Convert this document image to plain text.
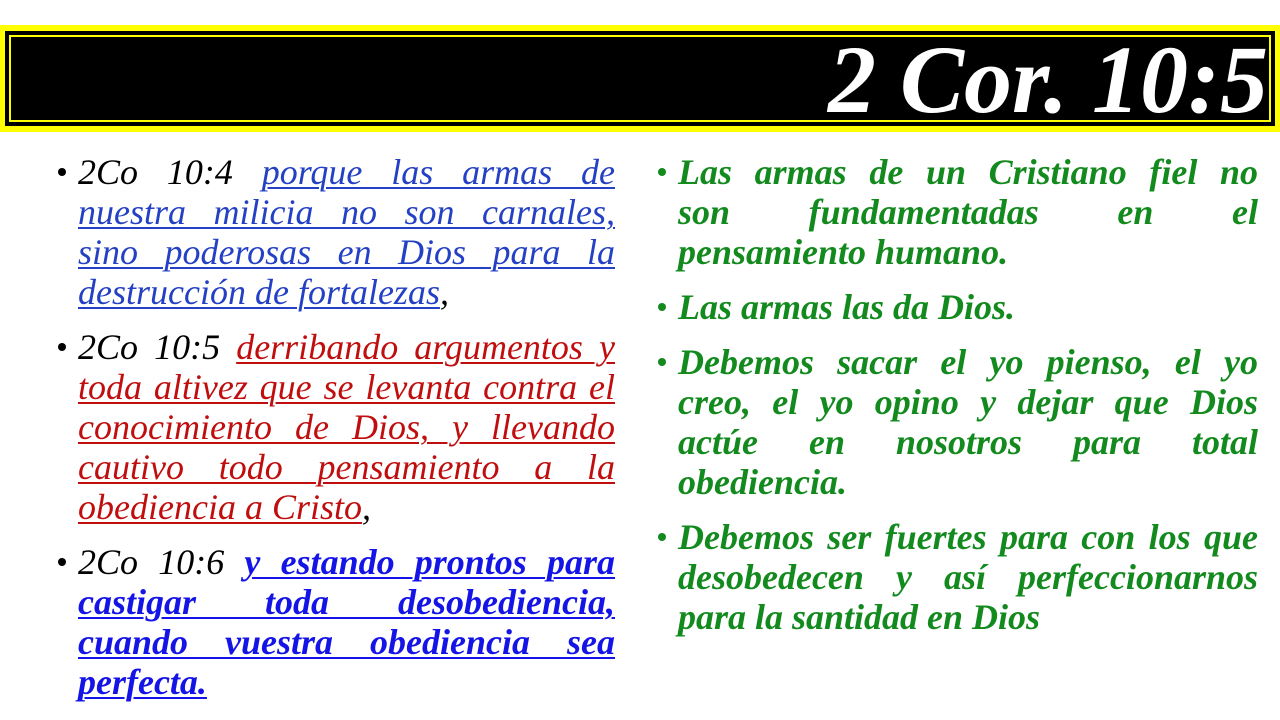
2 Cor. 10:5
2Co 10:4 porque las armas de
nuestra milicia no son carnales,
sino poderosas en Dios para la
destrucción de fortalezas,
2Co 10:5 derribando argumentos y
toda altivez que se levanta contra el
conocimiento de Dios, y llevando
cautivo todo pensamiento a la
obediencia a Cristo,
2Co 10:6 y estando prontos para
castigar toda desobediencia,
cuando vuestra obediencia sea
perfecta.
Las armas de un Cristiano fiel no
son fundamentadas en el
pensamiento humano.
Las armas las da Dios.
Debemos sacar el yo pienso, el yo
creo, el yo opino y dejar que Dios
actúe en nosotros para total
obediencia.
Debemos ser fuertes para con los que
desobedecen y así perfeccionarnos
para la santidad en Dios
